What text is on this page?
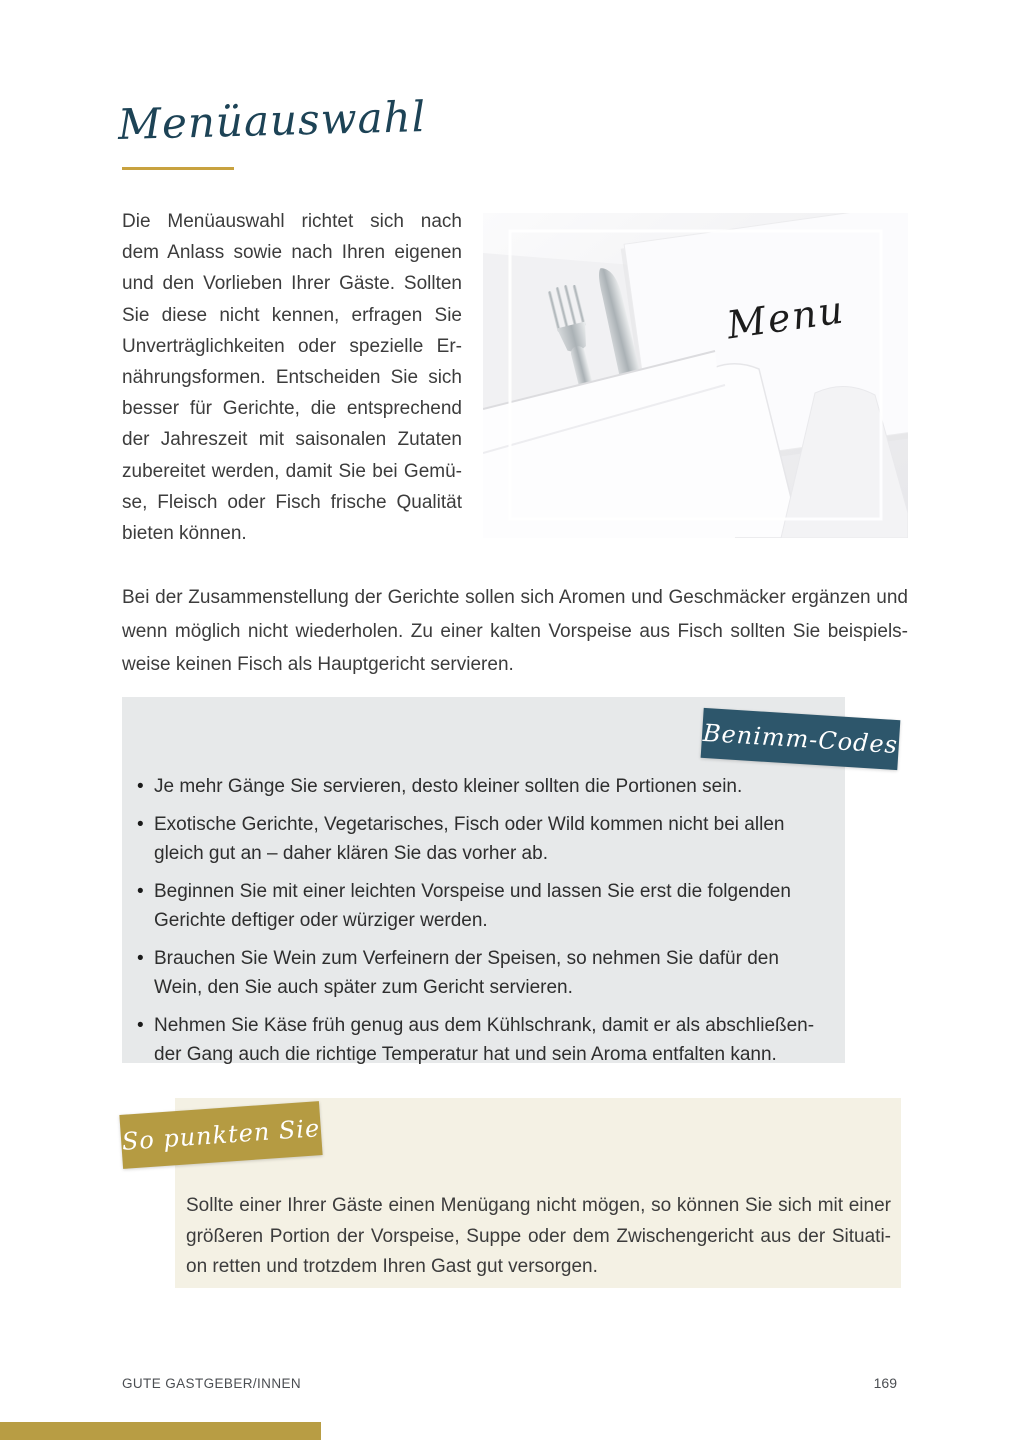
Menüauswahl
Die Menüauswahl richtet sich nach
dem Anlass sowie nach Ihren eigenen
und den Vorlieben Ihrer Gäste. Sollten
Sie diese nicht kennen, erfragen Sie
Unverträglichkeiten oder spezielle Er-
nährungsformen. Entscheiden Sie sich
besser für Gerichte, die entsprechend
der Jahreszeit mit saisonalen Zutaten
zubereitet werden, damit Sie bei Gemü-
se, Fleisch oder Fisch frische Qualität
bieten können.
Menu
Bei der Zusammenstellung der Gerichte sollen sich Aromen und Geschmäcker ergänzen und
wenn möglich nicht wiederholen. Zu einer kalten Vorspeise aus Fisch sollten Sie beispiels-
weise keinen Fisch als Hauptgericht servieren.
Benimm-Codes
• Je mehr Gänge Sie servieren, desto kleiner sollten die Portionen sein.
• Exotische Gerichte, Vegetarisches, Fisch oder Wild kommen nicht bei allen
gleich gut an – daher klären Sie das vorher ab.
• Beginnen Sie mit einer leichten Vorspeise und lassen Sie erst die folgenden
Gerichte deftiger oder würziger werden.
• Brauchen Sie Wein zum Verfeinern der Speisen, so nehmen Sie dafür den
Wein, den Sie auch später zum Gericht servieren.
• Nehmen Sie Käse früh genug aus dem Kühlschrank, damit er als abschließen-
der Gang auch die richtige Temperatur hat und sein Aroma entfalten kann.
So punkten Sie
Sollte einer Ihrer Gäste einen Menügang nicht mögen, so können Sie sich mit einer
größeren Portion der Vorspeise, Suppe oder dem Zwischengericht aus der Situati-
on retten und trotzdem Ihren Gast gut versorgen.
GUTE GASTGEBER/INNEN	169
